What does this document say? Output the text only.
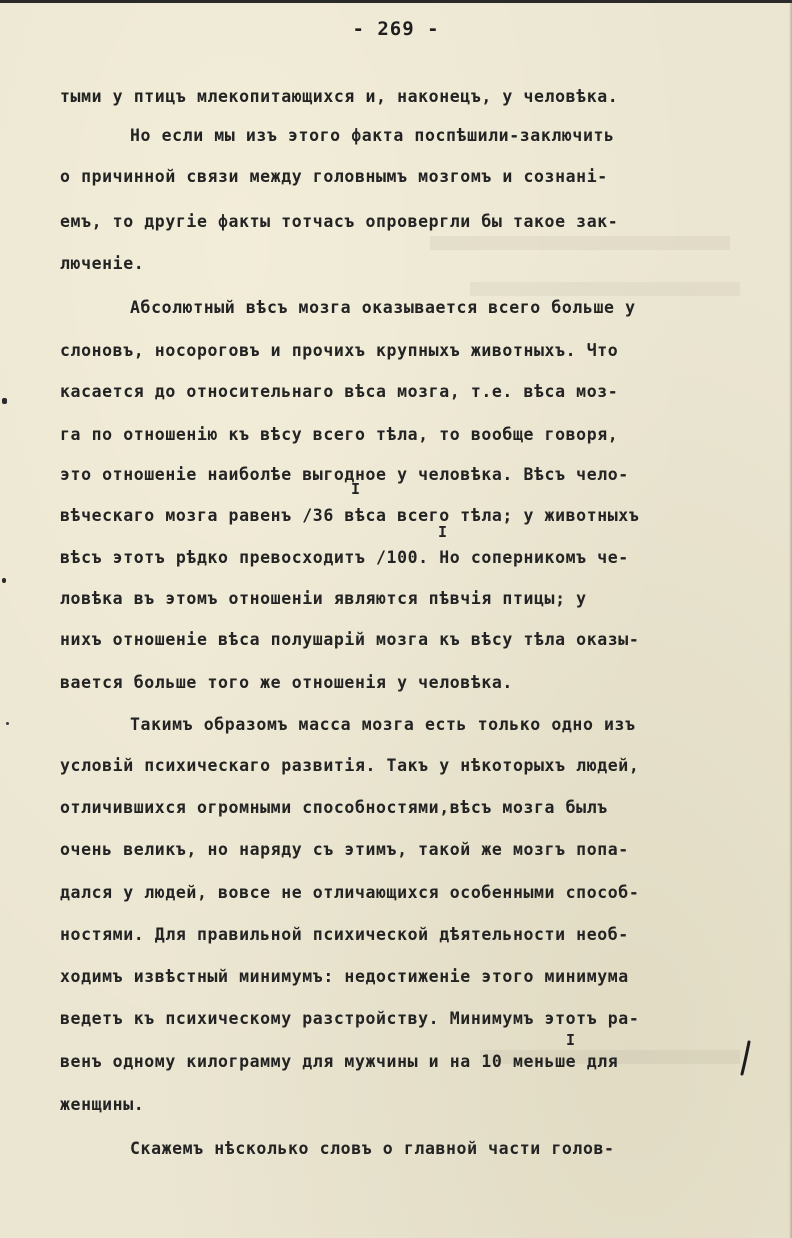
- 269 -
тыми у птицъ млекопитающихся и, наконецъ, у человѣка.
Но если мы изъ этого факта поспѣшили-заключить
о причинной связи между головнымъ мозгомъ и сознані-
емъ, то другіе факты тотчасъ опровергли бы такое зак-
люченіе.
Абсолютный вѣсъ мозга оказывается всего больше у
слоновъ, носороговъ и прочихъ крупныхъ животныхъ. Что
касается до относительнаго вѣса мозга, т.е. вѣса моз-
га по отношенію къ вѣсу всего тѣла, то вообще говоря,
это отношеніе наиболѣе выгодное у человѣка. Вѣсъ чело-
I
вѣческаго мозга равенъ /36 вѣса всего тѣла; у животныхъ
I
вѣсъ этотъ рѣдко превосходитъ /100. Но соперникомъ че-
ловѣка въ этомъ отношеніи являются пѣвчія птицы; у
нихъ отношеніе вѣса полушарій мозга къ вѣсу тѣла оказы-
вается больше того же отношенія у человѣка.
Такимъ образомъ масса мозга есть только одно изъ
условій психическаго развитія. Такъ у нѣкоторыхъ людей,
отличившихся огромными способностями,вѣсъ мозга былъ
очень великъ, но наряду съ этимъ, такой же мозгъ попа-
дался у людей, вовсе не отличающихся особенными способ-
ностями. Для правильной психической дѣятельности необ-
ходимъ извѣстный минимумъ: недостиженіе этого минимума
ведетъ къ психическому разстройству. Минимумъ этотъ ра-
I
венъ одному килограмму для мужчины и на 10 меньше для
женщины.
Скажемъ нѣсколько словъ о главной части голов-
